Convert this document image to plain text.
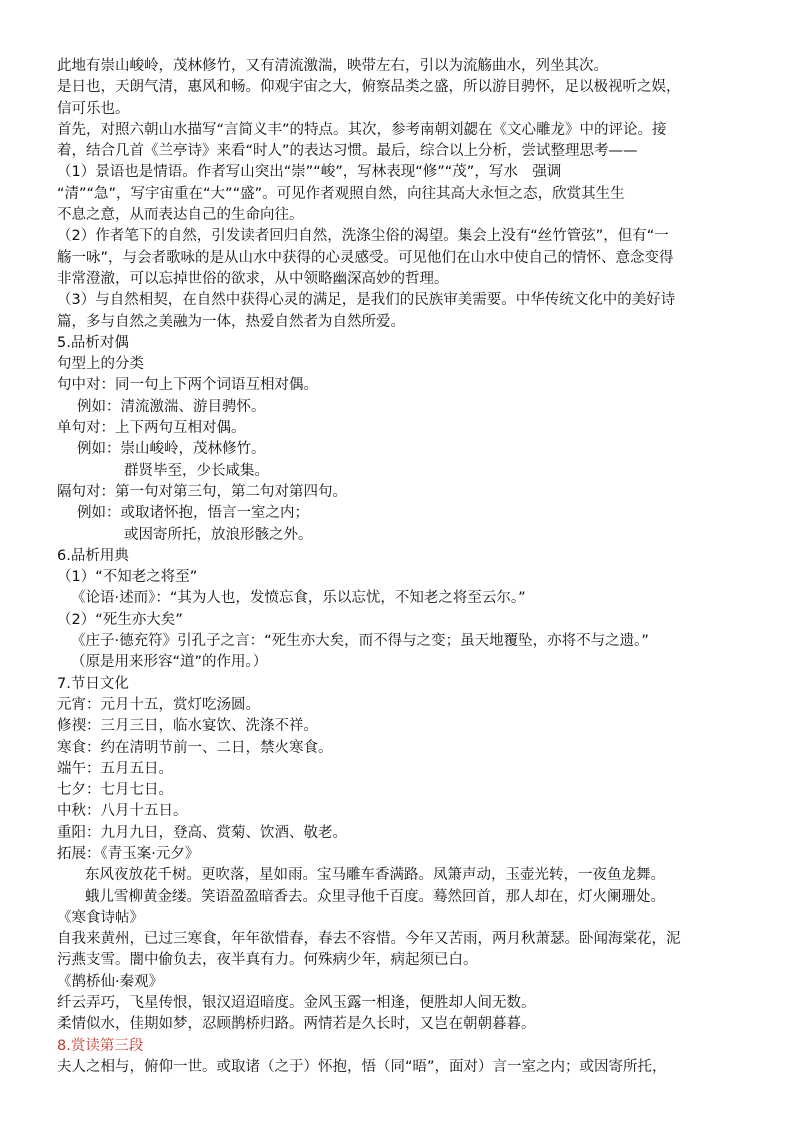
此地有崇山峻岭，茂林修竹，又有清流激湍，映带左右，引以为流觞曲水，列坐其次。
是日也，天朗气清，惠风和畅。仰观宇宙之大，俯察品类之盛，所以游目骋怀，足以极视听之娱，
信可乐也。
首先，对照六朝山水描写“言简义丰”的特点。其次，参考南朝刘勰在《文心雕龙》中的评论。接
着，结合几首《兰亭诗》来看“时人”的表达习惯。最后，综合以上分析，尝试整理思考——
（1）景语也是情语。作者写山突出“崇”“峻”，写林表现“修”“茂”，写水　强调
“清”“急”，写宇宙重在“大”“盛”。可见作者观照自然，向往其高大永恒之态，欣赏其生生
不息之意，从而表达自己的生命向往。
（2）作者笔下的自然，引发读者回归自然，洗涤尘俗的渴望。集会上没有“丝竹管弦”，但有“一
觞一咏”，与会者歌咏的是从山水中获得的心灵感受。可见他们在山水中使自己的情怀、意念变得
非常澄澈，可以忘掉世俗的欲求，从中领略幽深高妙的哲理。
（3）与自然相契，在自然中获得心灵的满足，是我们的民族审美需要。中华传统文化中的美好诗
篇，多与自然之美融为一体，热爱自然者为自然所爱。
5.品析对偶
句型上的分类
句中对：同一句上下两个词语互相对偶。
例如：清流激湍、游目骋怀。
单句对：上下两句互相对偶。
例如：崇山峻岭，茂林修竹。
群贤毕至，少长咸集。
隔句对：第一句对第三句，第二句对第四句。
例如：或取诸怀抱，悟言一室之内；
或因寄所托，放浪形骸之外。
6.品析用典
（1）“不知老之将至”
《论语·述而》：“其为人也，发愤忘食，乐以忘忧，不知老之将至云尔。”
（2）“死生亦大矣”
《庄子·德充符》引孔子之言：“死生亦大矣，而不得与之变；虽天地覆坠，亦将不与之遗。”
（原是用来形容“道”的作用。）
7.节日文化
元宵：元月十五，赏灯吃汤圆。
修禊：三月三日，临水宴饮、洗涤不祥。
寒食：约在清明节前一、二日，禁火寒食。
端午：五月五日。
七夕：七月七日。
中秋：八月十五日。
重阳：九月九日，登高、赏菊、饮酒、敬老。
拓展：《青玉案·元夕》
东风夜放花千树。更吹落，星如雨。宝马雕车香满路。凤箫声动，玉壶光转，一夜鱼龙舞。
蛾儿雪柳黄金缕。笑语盈盈暗香去。众里寻他千百度。蓦然回首，那人却在，灯火阑珊处。
《寒食诗帖》
自我来黄州，已过三寒食，年年欲惜春，春去不容惜。今年又苦雨，两月秋萧瑟。卧闻海棠花，泥
污燕支雪。闇中偷负去，夜半真有力。何殊病少年，病起须已白。
《鹊桥仙·秦观》
纤云弄巧，飞星传恨，银汉迢迢暗度。金风玉露一相逢，便胜却人间无数。
柔情似水，佳期如梦，忍顾鹊桥归路。两情若是久长时，又岂在朝朝暮暮。
8.赏读第三段
夫人之相与，俯仰一世。或取诸（之于）怀抱，悟（同“晤”，面对）言一室之内；或因寄所托，
